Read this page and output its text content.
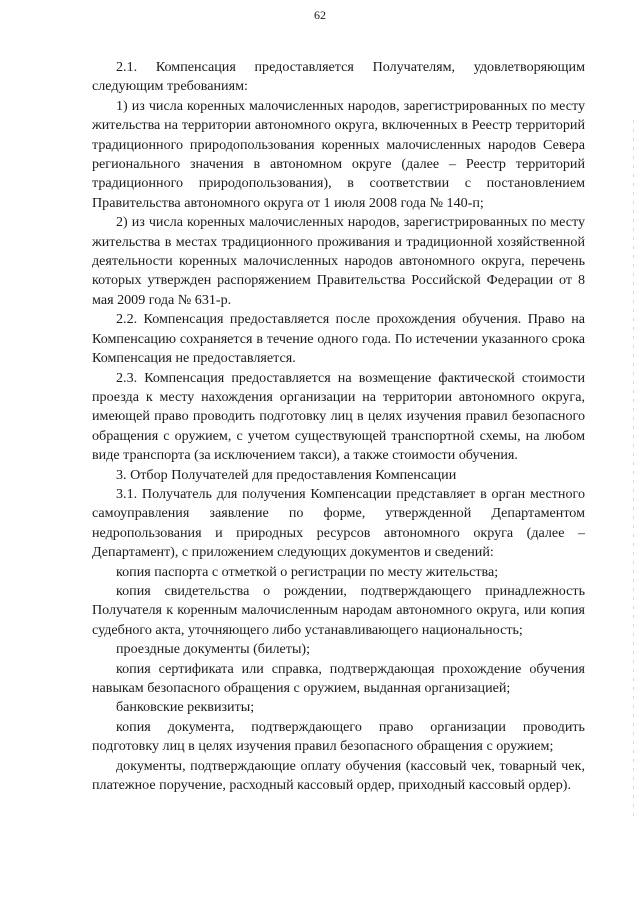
62

2.1. Компенсация предоставляется Получателям, удовлетворяющим следующим требованиям:

1) из числа коренных малочисленных народов, зарегистрированных по месту жительства на территории автономного округа, включенных в Реестр территорий традиционного природопользования коренных малочисленных народов Севера регионального значения в автономном округе (далее – Реестр территорий традиционного природопользования), в соответствии с постановлением Правительства автономного округа от 1 июля 2008 года № 140-п;

2) из числа коренных малочисленных народов, зарегистрированных по месту жительства в местах традиционного проживания и традиционной хозяйственной деятельности коренных малочисленных народов автономного округа, перечень которых утвержден распоряжением Правительства Российской Федерации от 8 мая 2009 года № 631-р.

2.2. Компенсация предоставляется после прохождения обучения. Право на Компенсацию сохраняется в течение одного года. По истечении указанного срока Компенсация не предоставляется.

2.3. Компенсация предоставляется на возмещение фактической стоимости проезда к месту нахождения организации на территории автономного округа, имеющей право проводить подготовку лиц в целях изучения правил безопасного обращения с оружием, с учетом существующей транспортной схемы, на любом виде транспорта (за исключением такси), а также стоимости обучения.

3. Отбор Получателей для предоставления Компенсации

3.1. Получатель для получения Компенсации представляет в орган местного самоуправления заявление по форме, утвержденной Департаментом недропользования и природных ресурсов автономного округа (далее – Департамент), с приложением следующих документов и сведений:

копия паспорта с отметкой о регистрации по месту жительства;

копия свидетельства о рождении, подтверждающего принадлежность Получателя к коренным малочисленным народам автономного округа, или копия судебного акта, уточняющего либо устанавливающего национальность;

проездные документы (билеты);

копия сертификата или справка, подтверждающая прохождение обучения навыкам безопасного обращения с оружием, выданная организацией;

банковские реквизиты;

копия документа, подтверждающего право организации проводить подготовку лиц в целях изучения правил безопасного обращения с оружием;

документы, подтверждающие оплату обучения (кассовый чек, товарный чек, платежное поручение, расходный кассовый ордер, приходный кассовый ордер).
